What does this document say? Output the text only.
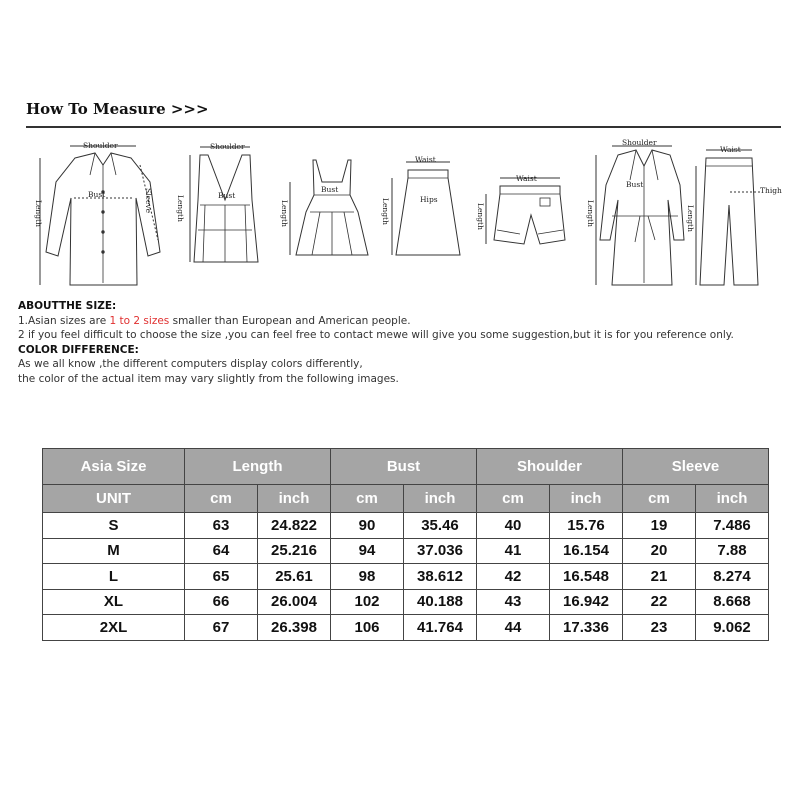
How To Measure >>>
Shoulder
Bust	Sleeve
Length
Shoulder
Bust
Length
Bust
Length
Waist
Hips
Length
Waist
Length
Shoulder
Bust
Length
Waist
Thigh
Length
ABOUTTHE SIZE:
1.Asian sizes are 1 to 2 sizes smaller than European and American people.
2 if you feel difficult to choose the size ,you can feel free to contact mewe will give you some suggestion,but it is for you reference only.
COLOR DIFFERENCE:
As we all know ,the different computers display colors differently,
the color of the actual item may vary slightly from the following images.
Asia Size	Length		Bust		Shoulder		Sleeve	
UNIT	cm	inch	cm	inch	cm	inch	cm	inch
S	63	24.822	90	35.46	40	15.76	19	7.486
M	64	25.216	94	37.036	41	16.154	20	7.88
L	65	25.61	98	38.612	42	16.548	21	8.274
XL	66	26.004	102	40.188	43	16.942	22	8.668
2XL	67	26.398	106	41.764	44	17.336	23	9.062
